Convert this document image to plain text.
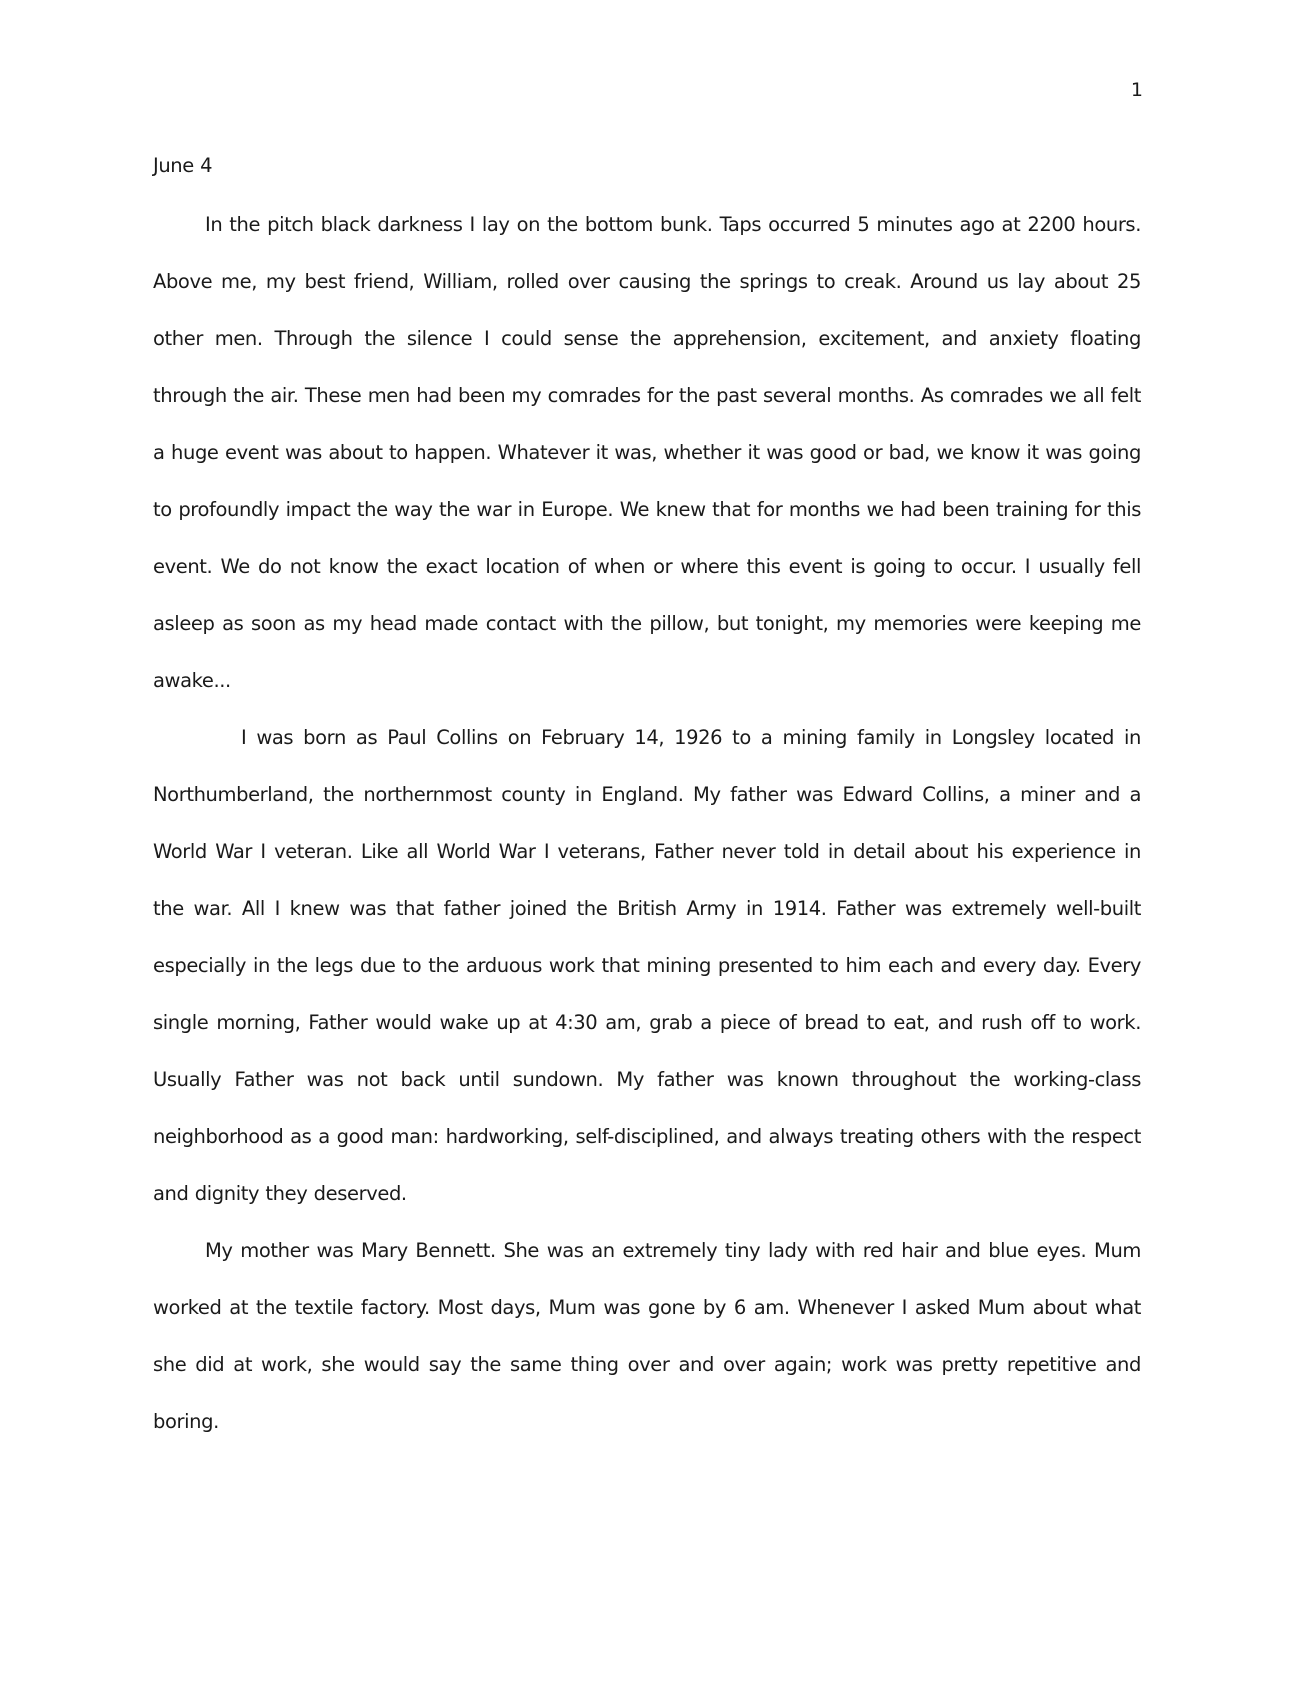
1

June 4

In the pitch black darkness I lay on the bottom bunk. Taps occurred 5 minutes ago at 2200 hours. Above me, my best friend, William, rolled over causing the springs to creak. Around us lay about 25 other men. Through the silence I could sense the apprehension, excitement, and anxiety floating through the air. These men had been my comrades for the past several months. As comrades we all felt a huge event was about to happen. Whatever it was, whether it was good or bad, we know it was going to profoundly impact the way the war in Europe. We knew that for months we had been training for this event. We do not know the exact location of when or where this event is going to occur. I usually fell asleep as soon as my head made contact with the pillow, but tonight, my memories were keeping me awake...

I was born as Paul Collins on February 14, 1926 to a mining family in Longsley located in Northumberland, the northernmost county in England. My father was Edward Collins, a miner and a World War I veteran. Like all World War I veterans, Father never told in detail about his experience in the war. All I knew was that father joined the British Army in 1914. Father was extremely well-built especially in the legs due to the arduous work that mining presented to him each and every day. Every single morning, Father would wake up at 4:30 am, grab a piece of bread to eat, and rush off to work. Usually Father was not back until sundown. My father was known throughout the working-class neighborhood as a good man: hardworking, self-disciplined, and always treating others with the respect and dignity they deserved.

My mother was Mary Bennett. She was an extremely tiny lady with red hair and blue eyes. Mum worked at the textile factory. Most days, Mum was gone by 6 am. Whenever I asked Mum about what she did at work, she would say the same thing over and over again; work was pretty repetitive and boring.
